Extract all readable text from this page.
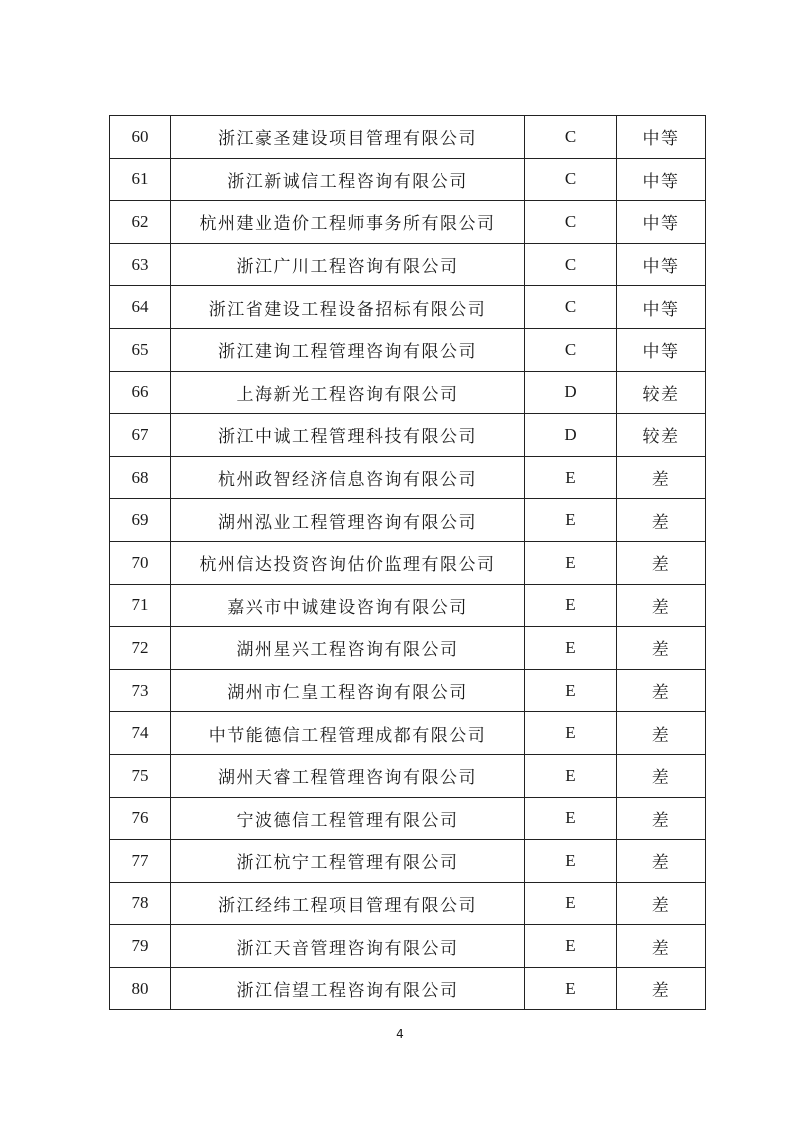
60	浙江豪圣建设项目管理有限公司	C	中等
61	浙江新诚信工程咨询有限公司	C	中等
62	杭州建业造价工程师事务所有限公司	C	中等
63	浙江广川工程咨询有限公司	C	中等
64	浙江省建设工程设备招标有限公司	C	中等
65	浙江建询工程管理咨询有限公司	C	中等
66	上海新光工程咨询有限公司	D	较差
67	浙江中诚工程管理科技有限公司	D	较差
68	杭州政智经济信息咨询有限公司	E	差
69	湖州泓业工程管理咨询有限公司	E	差
70	杭州信达投资咨询估价监理有限公司	E	差
71	嘉兴市中诚建设咨询有限公司	E	差
72	湖州星兴工程咨询有限公司	E	差
73	湖州市仁皇工程咨询有限公司	E	差
74	中节能德信工程管理成都有限公司	E	差
75	湖州天睿工程管理咨询有限公司	E	差
76	宁波德信工程管理有限公司	E	差
77	浙江杭宁工程管理有限公司	E	差
78	浙江经纬工程项目管理有限公司	E	差
79	浙江天音管理咨询有限公司	E	差
80	浙江信望工程咨询有限公司	E	差
4
